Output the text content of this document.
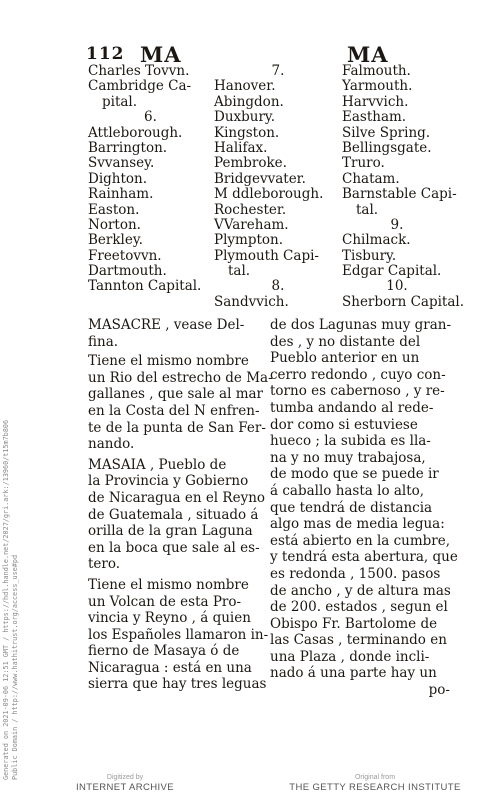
112 MA	MA
Charles Tovvn.
Cambridge Ca-
pital.
6.
Attleborough.
Barrington.
Svvansey.
Dighton.
Rainham.
Easton.
Norton.
Berkley.
Freetovvn.
Dartmouth.
Tannton Capital.
7.
Hanover.
Abingdon.
Duxbury.
Kingston.
Halifax.
Pembroke.
Bridgevvater.
M ddleborough.
Rochester.
VVareham.
Plympton.
Plymouth Capi-
tal.
8.
Sandvvich.
Falmouth.
Yarmouth.
Harvvich.
Eastham.
Silve Spring.
Bellingsgate.
Truro.
Chatam.
Barnstable Capi-
tal.
9.
Chilmack.
Tisbury.
Edgar Capital.
10.
Sherborn Capital.

MASACRE , vease Del-

fina.

Tiene el mismo nombre

un Rio del estrecho de Ma-

gallanes , que sale al mar

en la Costa del N enfren-

te de la punta de San Fer-

nando.

MASAIA , Pueblo de

la Provincia y Gobierno

de Nicaragua en el Reyno

de Guatemala , situado á

orilla de la gran Laguna

en la boca que sale al es-

tero.

Tiene el mismo nombre

un Volcan de esta Pro-

vincia y Reyno , á quien

los Españoles llamaron in-

fierno de Masaya ó de

Nicaragua : está en una

sierra que hay tres leguas

de dos Lagunas muy gran-

des , y no distante del

Pueblo anterior en un

cerro redondo , cuyo con-

torno es cabernoso , y re-

tumba andando al rede-

dor como si estuviese

hueco ; la subida es lla-

na y no muy trabajosa,

de modo que se puede ir

á caballo hasta lo alto,

que tendrá de distancia

algo mas de media legua:

está abierto en la cumbre,

y tendrá esta abertura, que

es redonda , 1500. pasos

de ancho , y de altura mas

de 200. estados , segun el

Obispo Fr. Bartolome de

las Casas , terminando en

una Plaza , donde incli-

nado á una parte hay un

po-

Generated on 2021-09-06 12:51 GMT / https://hdl.handle.net/2027/gri.ark:/13960/t15m7b806 Public Domain / http://www.hathitrust.org/access_use#pd	Digitized by
INTERNET ARCHIVE
Original from
THE GETTY RESEARCH INSTITUTE
